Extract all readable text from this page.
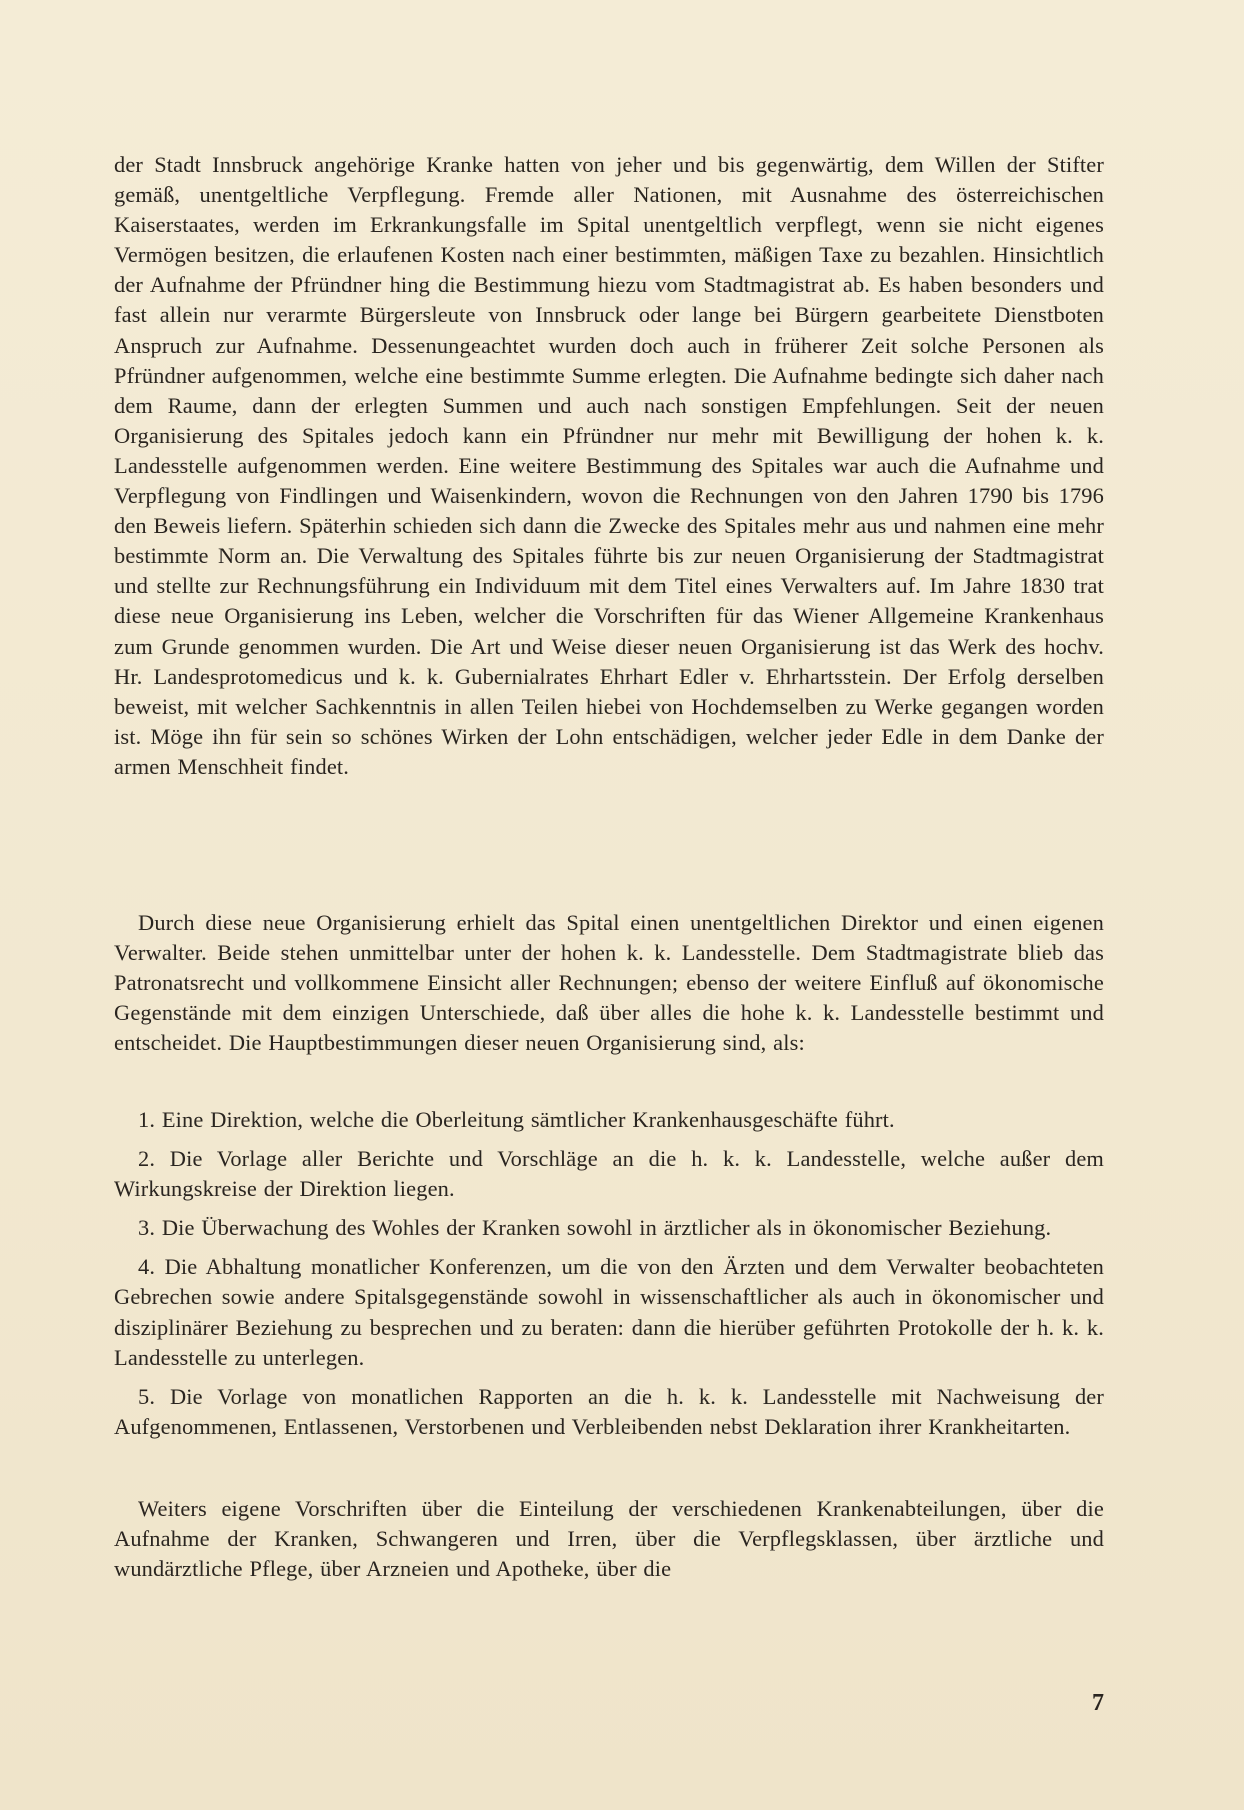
der Stadt Innsbruck angehörige Kranke hatten von jeher und bis gegenwärtig, dem Willen der Stifter gemäß, unentgeltliche Verpflegung. Fremde aller Nationen, mit Ausnahme des österreichischen Kaiserstaates, werden im Erkrankungsfalle im Spital unentgeltlich verpflegt, wenn sie nicht eigenes Vermögen besitzen, die erlaufenen Kosten nach einer bestimmten, mäßigen Taxe zu bezahlen. Hinsichtlich der Aufnahme der Pfründner hing die Bestimmung hiezu vom Stadtmagistrat ab. Es haben besonders und fast allein nur verarmte Bürgersleute von Innsbruck oder lange bei Bürgern gearbeitete Dienstboten Anspruch zur Aufnahme. Dessenungeachtet wurden doch auch in früherer Zeit solche Personen als Pfründner aufgenommen, welche eine bestimmte Summe erlegten. Die Aufnahme bedingte sich daher nach dem Raume, dann der erlegten Summen und auch nach sonstigen Empfehlungen. Seit der neuen Organisierung des Spitales jedoch kann ein Pfründner nur mehr mit Bewilligung der hohen k. k. Landesstelle aufgenommen werden. Eine weitere Bestimmung des Spitales war auch die Aufnahme und Verpflegung von Findlingen und Waisenkindern, wovon die Rechnungen von den Jahren 1790 bis 1796 den Beweis liefern. Späterhin schieden sich dann die Zwecke des Spitales mehr aus und nahmen eine mehr bestimmte Norm an. Die Verwaltung des Spitales führte bis zur neuen Organisierung der Stadtmagistrat und stellte zur Rechnungsführung ein Individuum mit dem Titel eines Verwalters auf. Im Jahre 1830 trat diese neue Organisierung ins Leben, welcher die Vorschriften für das Wiener Allgemeine Krankenhaus zum Grunde genommen wurden. Die Art und Weise dieser neuen Organisierung ist das Werk des hochv. Hr. Landesprotomedicus und k. k. Gubernialrates Ehrhart Edler v. Ehrhartsstein. Der Erfolg derselben beweist, mit welcher Sachkenntnis in allen Teilen hiebei von Hochdemselben zu Werke gegangen worden ist. Möge ihn für sein so schönes Wirken der Lohn entschädigen, welcher jeder Edle in dem Danke der armen Menschheit findet.

Durch diese neue Organisierung erhielt das Spital einen unentgeltlichen Direktor und einen eigenen Verwalter. Beide stehen unmittelbar unter der hohen k. k. Landesstelle. Dem Stadtmagistrate blieb das Patronatsrecht und vollkommene Einsicht aller Rechnungen; ebenso der weitere Einfluß auf ökonomische Gegenstände mit dem einzigen Unterschiede, daß über alles die hohe k. k. Landesstelle bestimmt und entscheidet. Die Hauptbestimmungen dieser neuen Organisierung sind, als:

1. Eine Direktion, welche die Oberleitung sämtlicher Krankenhausgeschäfte führt.

2. Die Vorlage aller Berichte und Vorschläge an die h. k. k. Landesstelle, welche außer dem Wirkungskreise der Direktion liegen.

3. Die Überwachung des Wohles der Kranken sowohl in ärztlicher als in ökonomischer Beziehung.

4. Die Abhaltung monatlicher Konferenzen, um die von den Ärzten und dem Verwalter beobachteten Gebrechen sowie andere Spitalsgegenstände sowohl in wissenschaftlicher als auch in ökonomischer und disziplinärer Beziehung zu besprechen und zu beraten: dann die hierüber geführten Protokolle der h. k. k. Landesstelle zu unterlegen.

5. Die Vorlage von monatlichen Rapporten an die h. k. k. Landesstelle mit Nachweisung der Aufgenommenen, Entlassenen, Verstorbenen und Verbleibenden nebst Deklaration ihrer Krankheitarten.

Weiters eigene Vorschriften über die Einteilung der verschiedenen Krankenabteilungen, über die Aufnahme der Kranken, Schwangeren und Irren, über die Verpflegsklassen, über ärztliche und wundärztliche Pflege, über Arzneien und Apotheke, über die

7
